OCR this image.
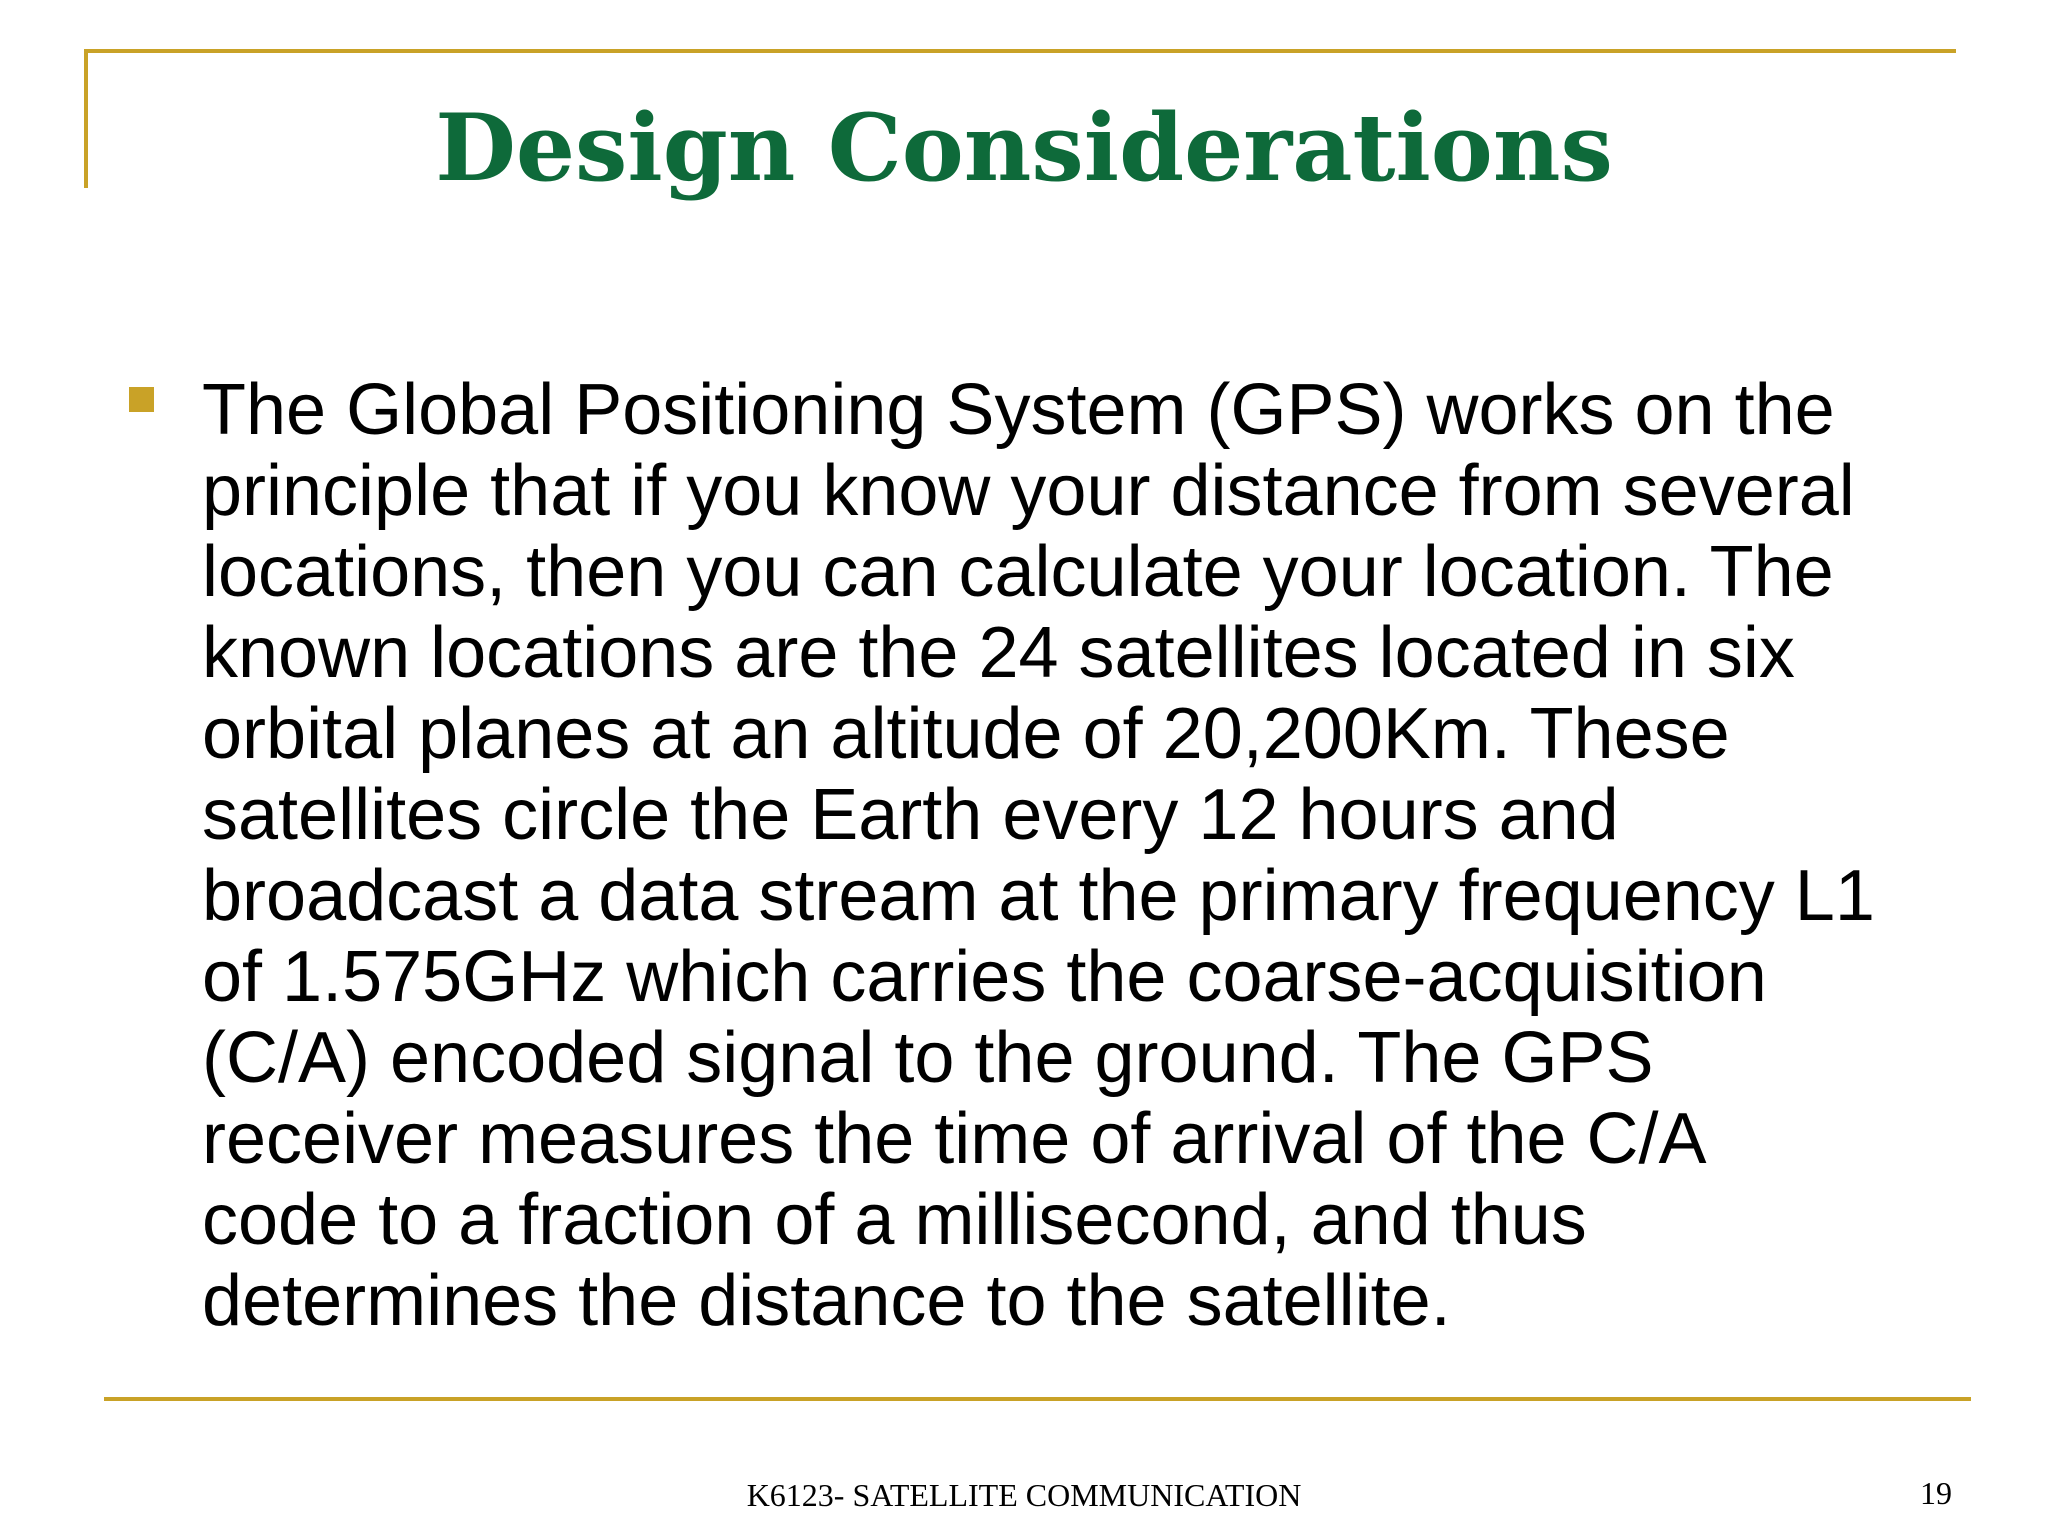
Design Considerations

The Global Positioning System (GPS) works on the
principle that if you know your distance from several
locations, then you can calculate your location. The
known locations are the 24 satellites located in six
orbital planes at an altitude of 20,200Km. These
satellites circle the Earth every 12 hours and
broadcast a data stream at the primary frequency L1
of 1.575GHz which carries the coarse-acquisition
(C/A) encoded signal to the ground. The GPS
receiver measures the time of arrival of the C/A
code to a fraction of a millisecond, and thus
determines the distance to the satellite.

K6123- SATELLITE COMMUNICATION	19
